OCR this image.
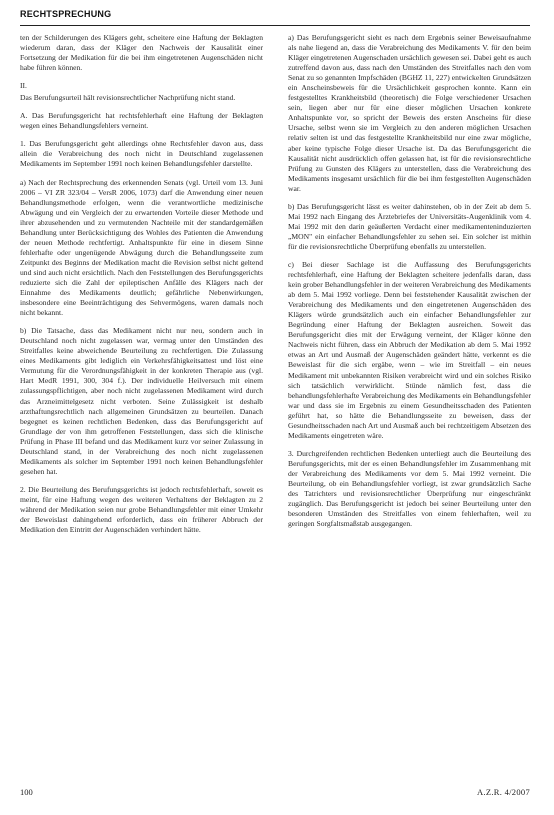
RECHTSPRECHUNG

ten der Schilderungen des Klägers geht, scheitere eine Haftung der Beklagten wiederum daran, dass der Kläger den Nachweis der Kausalität einer Fortsetzung der Medikation für die bei ihm eingetretenen Augenschäden nicht habe führen können.

II.

Das Berufungsurteil hält revisionsrechtlicher Nachprüfung nicht stand.

A. Das Berufungsgericht hat rechtsfehlerhaft eine Haftung der Beklagten wegen eines Behandlungsfehlers verneint.

1. Das Berufungsgericht geht allerdings ohne Rechtsfehler davon aus, dass allein die Verabreichung des noch nicht in Deutschland zugelassenen Medikaments im September 1991 noch keinen Behandlungsfehler darstellte.

a) Nach der Rechtsprechung des erkennenden Senats (vgl. Urteil vom 13. Juni 2006 – VI ZR 323/04 – VersR 2006, 1073) darf die Anwendung einer neuen Behandlungsmethode erfolgen, wenn die verantwortliche medizinische Abwägung und ein Vergleich der zu erwartenden Vorteile dieser Methode und ihrer abzusehenden und zu vermutenden Nachteile mit der standardgemäßen Behandlung unter Berücksichtigung des Wohles des Patienten die Anwendung der neuen Methode rechtfertigt. Anhaltspunkte für eine in diesem Sinne fehlerhafte oder ungenügende Abwägung durch die Behandlungsseite zum Zeitpunkt des Beginns der Medikation macht die Revision selbst nicht geltend und sind auch nicht ersichtlich. Nach den Feststellungen des Berufungsgerichts reduzierte sich die Zahl der epileptischen Anfälle des Klägers nach der Einnahme des Medikaments deutlich; gefährliche Nebenwirkungen, insbesondere eine Beeinträchtigung des Sehvermögens, waren damals noch nicht bekannt.

b) Die Tatsache, dass das Medikament nicht nur neu, sondern auch in Deutschland noch nicht zugelassen war, vermag unter den Umständen des Streitfalles keine abweichende Beurteilung zu rechtfertigen. Die Zulassung eines Medikaments gibt lediglich ein Verkehrsfähigkeitsattest und löst eine Vermutung für die Verordnungsfähigkeit in der konkreten Therapie aus (vgl. Hart MedR 1991, 300, 304 f.). Der individuelle Heilversuch mit einem zulassungspflichtigen, aber noch nicht zugelassenen Medikament wird durch das Arzneimittelgesetz nicht verboten. Seine Zulässigkeit ist deshalb arzthaftungsrechtlich nach allgemeinen Grundsätzen zu beurteilen. Danach begegnet es keinen rechtlichen Bedenken, dass das Berufungsgericht auf Grundlage der von ihm getroffenen Feststellungen, dass sich die klinische Prüfung in Phase III befand und das Medikament kurz vor seiner Zulassung in Deutschland stand, in der Verabreichung des noch nicht zugelassenen Medikaments als solcher im September 1991 noch keinen Behandlungsfehler gesehen hat.

2. Die Beurteilung des Berufungsgerichts ist jedoch rechtsfehlerhaft, soweit es meint, für eine Haftung wegen des weiteren Verhaltens der Beklagten zu 2 während der Medikation seien nur grobe Behandlungsfehler mit einer Umkehr der Beweislast dahingehend erforderlich, dass ein früherer Abbruch der Medikation den Eintritt der Augenschäden verhindert hätte.

a) Das Berufungsgericht sieht es nach dem Ergebnis seiner Beweisaufnahme als nahe liegend an, dass die Verabreichung des Medikaments V. für den beim Kläger eingetretenen Augenschaden ursächlich gewesen sei. Dabei geht es auch zutreffend davon aus, dass nach den Umständen des Streitfalles nach den vom Senat zu so genannten Impfschäden (BGHZ 11, 227) entwickelten Grundsätzen ein Anscheinsbeweis für die Ursächlichkeit gesprochen konnte. Kann ein festgestelltes Krankheitsbild (theoretisch) die Folge verschiedener Ursachen sein, liegen aber nur für eine dieser möglichen Ursachen konkrete Anhaltspunkte vor, so spricht der Beweis des ersten Anscheins für diese Ursache, selbst wenn sie im Vergleich zu den anderen möglichen Ursachen relativ selten ist und das festgestellte Krankheitsbild nur eine zwar mögliche, aber keine typische Folge dieser Ursache ist. Da das Berufungsgericht die Kausalität nicht ausdrücklich offen gelassen hat, ist für die revisionsrechtliche Prüfung zu Gunsten des Klägers zu unterstellen, dass die Verabreichung des Medikaments insgesamt ursächlich für die bei ihm festgestellten Augenschäden war.

b) Das Berufungsgericht lässt es weiter dahinstehen, ob in der Zeit ab dem 5. Mai 1992 nach Eingang des Ärztebriefes der Universitäts-Augenklinik vom 4. Mai 1992 mit den darin geäußerten Verdacht einer medikamenteninduzierten „MON" ein einfacher Behandlungsfehler zu sehen sei. Ein solcher ist mithin für die revisionsrechtliche Überprüfung ebenfalls zu unterstellen.

c) Bei dieser Sachlage ist die Auffassung des Berufungsgerichts rechtsfehlerhaft, eine Haftung der Beklagten scheitere jedenfalls daran, dass kein grober Behandlungsfehler in der weiteren Verabreichung des Medikaments ab dem 5. Mai 1992 vorliege. Denn bei feststehender Kausalität zwischen der Verabreichung des Medikaments und den eingetretenen Augenschäden des Klägers würde grundsätzlich auch ein einfacher Behandlungsfehler zur Begründung einer Haftung der Beklagten ausreichen. Soweit das Berufungsgericht dies mit der Erwägung verneint, der Kläger könne den Nachweis nicht führen, dass ein Abbruch der Medikation ab dem 5. Mai 1992 etwas an Art und Ausmaß der Augenschäden geändert hätte, verkennt es die Beweislast für die sich ergäbe, wenn – wie im Streitfall – ein neues Medikament mit unbekannten Risiken verabreicht wird und ein solches Risiko sich tatsächlich verwirklicht. Stünde nämlich fest, dass die behandlungsfehlerhafte Verabreichung des Medikaments ein Behandlungsfehler war und dass sie im Ergebnis zu einem Gesundheitsschaden des Patienten geführt hat, so hätte die Behandlungsseite zu beweisen, dass der Gesundheitsschaden nach Art und Ausmaß auch bei rechtzeitigem Absetzen des Medikaments eingetreten wäre.

3. Durchgreifenden rechtlichen Bedenken unterliegt auch die Beurteilung des Berufungsgerichts, mit der es einen Behandlungsfehler im Zusammenhang mit der Verabreichung des Medikaments vor dem 5. Mai 1992 verneint. Die Beurteilung, ob ein Behandlungsfehler vorliegt, ist zwar grundsätzlich Sache des Tatrichters und revisionsrechtlicher Überprüfung nur eingeschränkt zugänglich. Das Berufungsgericht ist jedoch bei seiner Beurteilung unter den besonderen Umständen des Streitfalles von einem fehlerhaften, weil zu geringen Sorgfaltsmaßstab ausgegangen.

100	A.Z.R. 4/2007
